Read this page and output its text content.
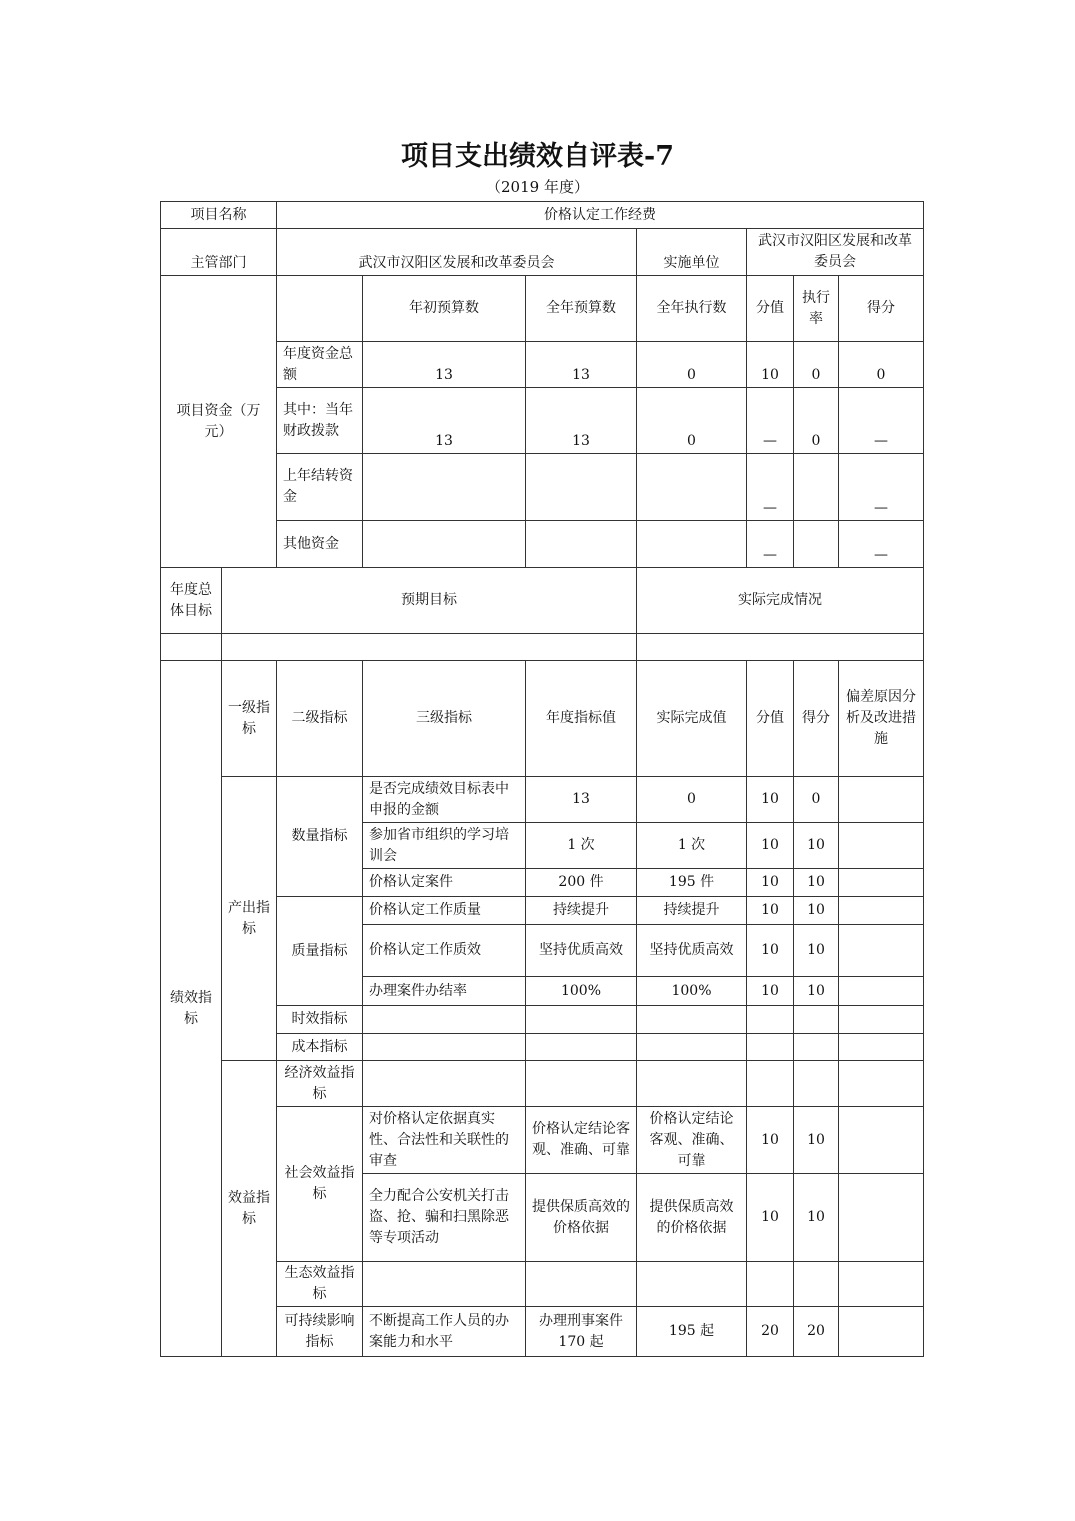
项目支出绩效自评表-7
（2019 年度）
项目名称		价格认定工作经费						
主管部门		武汉市汉阳区发展和改革委员会			实施单位	武汉市汉阳区发展和改革委员会		
项目资金（万元）			年初预算数	全年预算数	全年执行数	分值	执行率	得分
		年度资金总额	13	13	0	10	0	0
		其中：当年财政拨款	13	13	0	—	0	—
		上年结转资金				—		—
		其他资金				—		—
年度总体目标	预期目标				实际完成情况			

绩效指标	一级指标	二级指标	三级指标	年度指标值	实际完成值	分值	得分	偏差原因分析及改进措施
	产出指标	数量指标	是否完成绩效目标表中申报的金额	13	0	10	0	
			参加省市组织的学习培训会	1 次	1 次	10	10	
			价格认定案件	200 件	195 件	10	10	
		质量指标	价格认定工作质量	持续提升	持续提升	10	10	
			价格认定工作质效	坚持优质高效	坚持优质高效	10	10	
			办理案件办结率	100%	100%	10	10	
		时效指标						
		成本指标						
	效益指标	经济效益指标						
		社会效益指标	对价格认定依据真实性、合法性和关联性的审查	价格认定结论客观、准确、可靠	价格认定结论客观、准确、可靠	10	10	
			全力配合公安机关打击盗、抢、骗和扫黑除恶等专项活动	提供保质高效的价格依据	提供保质高效的价格依据	10	10	
		生态效益指标						
		可持续影响指标	不断提高工作人员的办案能力和水平	办理刑事案件 170 起	195 起	20	20	
